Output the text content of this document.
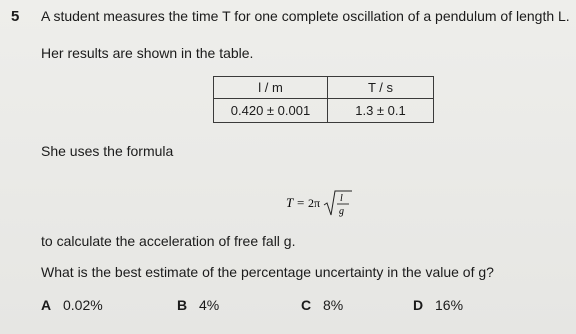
5 A student measures the time T for one complete oscillation of a pendulum of length L.
Her results are shown in the table.
l / m	T / s
0.420 ± 0.001	1.3 ± 0.1
She uses the formula
T = 2π l
g
to calculate the acceleration of free fall g.
What is the best estimate of the percentage uncertainty in the value of g?
A 0.02%	B 4%	C 8%	D 16%
